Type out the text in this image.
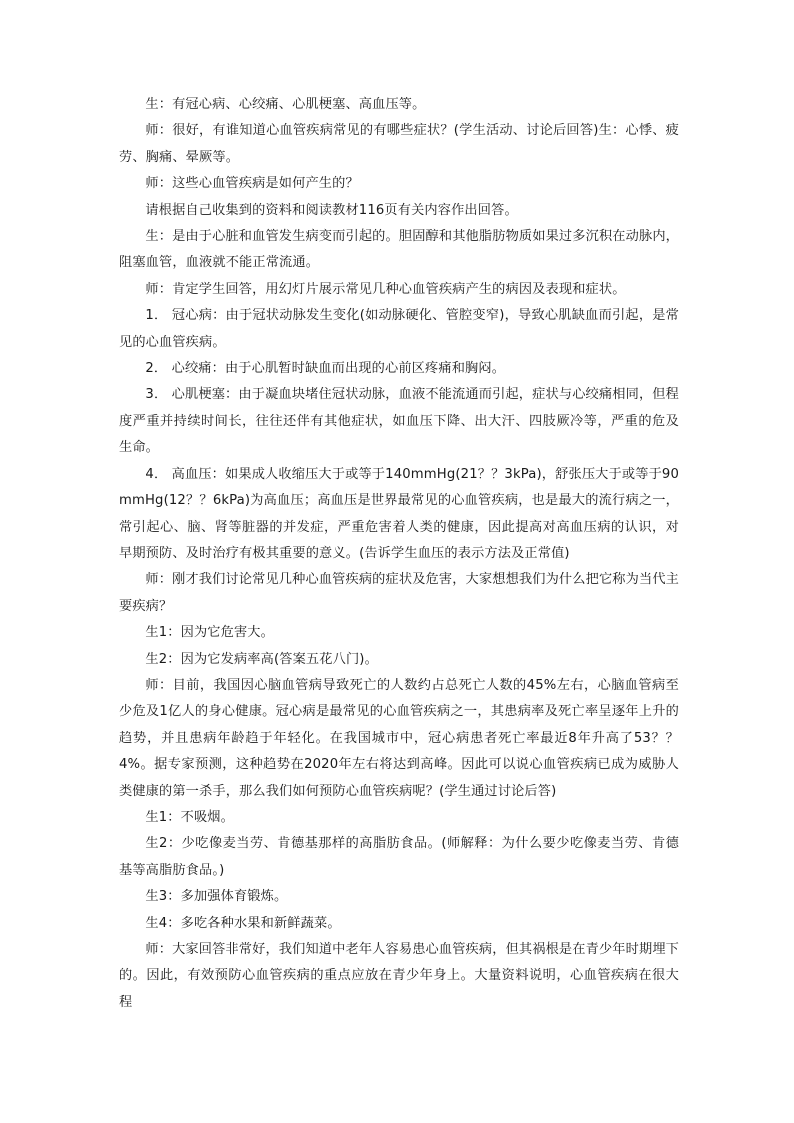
生：有冠心病、心绞痛、心肌梗塞、高血压等。

师：很好，有谁知道心血管疾病常见的有哪些症状？(学生活动、讨论后回答)生：心悸、疲劳、胸痛、晕厥等。

师：这些心血管疾病是如何产生的？

请根据自己收集到的资料和阅读教材116页有关内容作出回答。

生：是由于心脏和血管发生病变而引起的。胆固醇和其他脂肪物质如果过多沉积在动脉内，阻塞血管，血液就不能正常流通。

师：肯定学生回答，用幻灯片展示常见几种心血管疾病产生的病因及表现和症状。

1． 冠心病：由于冠状动脉发生变化(如动脉硬化、管腔变窄)，导致心肌缺血而引起，是常见的心血管疾病。

2． 心绞痛：由于心肌暂时缺血而出现的心前区疼痛和胸闷。

3． 心肌梗塞：由于凝血块堵住冠状动脉，血液不能流通而引起，症状与心绞痛相同，但程度严重并持续时间长，往往还伴有其他症状，如血压下降、出大汗、四肢厥冷等，严重的危及生命。

4． 高血压：如果成人收缩压大于或等于140mmHg(21？？3kPa)，舒张压大于或等于90mmHg(12？？6kPa)为高血压；高血压是世界最常见的心血管疾病，也是最大的流行病之一，常引起心、脑、肾等脏器的并发症，严重危害着人类的健康，因此提高对高血压病的认识，对早期预防、及时治疗有极其重要的意义。(告诉学生血压的表示方法及正常值)

师：刚才我们讨论常见几种心血管疾病的症状及危害，大家想想我们为什么把它称为当代主要疾病？

生1：因为它危害大。

生2：因为它发病率高(答案五花八门)。

师：目前，我国因心脑血管病导致死亡的人数约占总死亡人数的45%左右，心脑血管病至少危及1亿人的身心健康。冠心病是最常见的心血管疾病之一，其患病率及死亡率呈逐年上升的趋势，并且患病年龄趋于年轻化。在我国城市中，冠心病患者死亡率最近8年升高了53？？4%。据专家预测，这种趋势在2020年左右将达到高峰。因此可以说心血管疾病已成为威胁人类健康的第一杀手，那么我们如何预防心血管疾病呢？(学生通过讨论后答)

生1：不吸烟。

生2：少吃像麦当劳、肯德基那样的高脂肪食品。(师解释：为什么要少吃像麦当劳、肯德基等高脂肪食品。)

生3：多加强体育锻炼。

生4：多吃各种水果和新鲜蔬菜。

师：大家回答非常好，我们知道中老年人容易患心血管疾病，但其祸根是在青少年时期埋下的。因此，有效预防心血管疾病的重点应放在青少年身上。大量资料说明，心血管疾病在很大程
